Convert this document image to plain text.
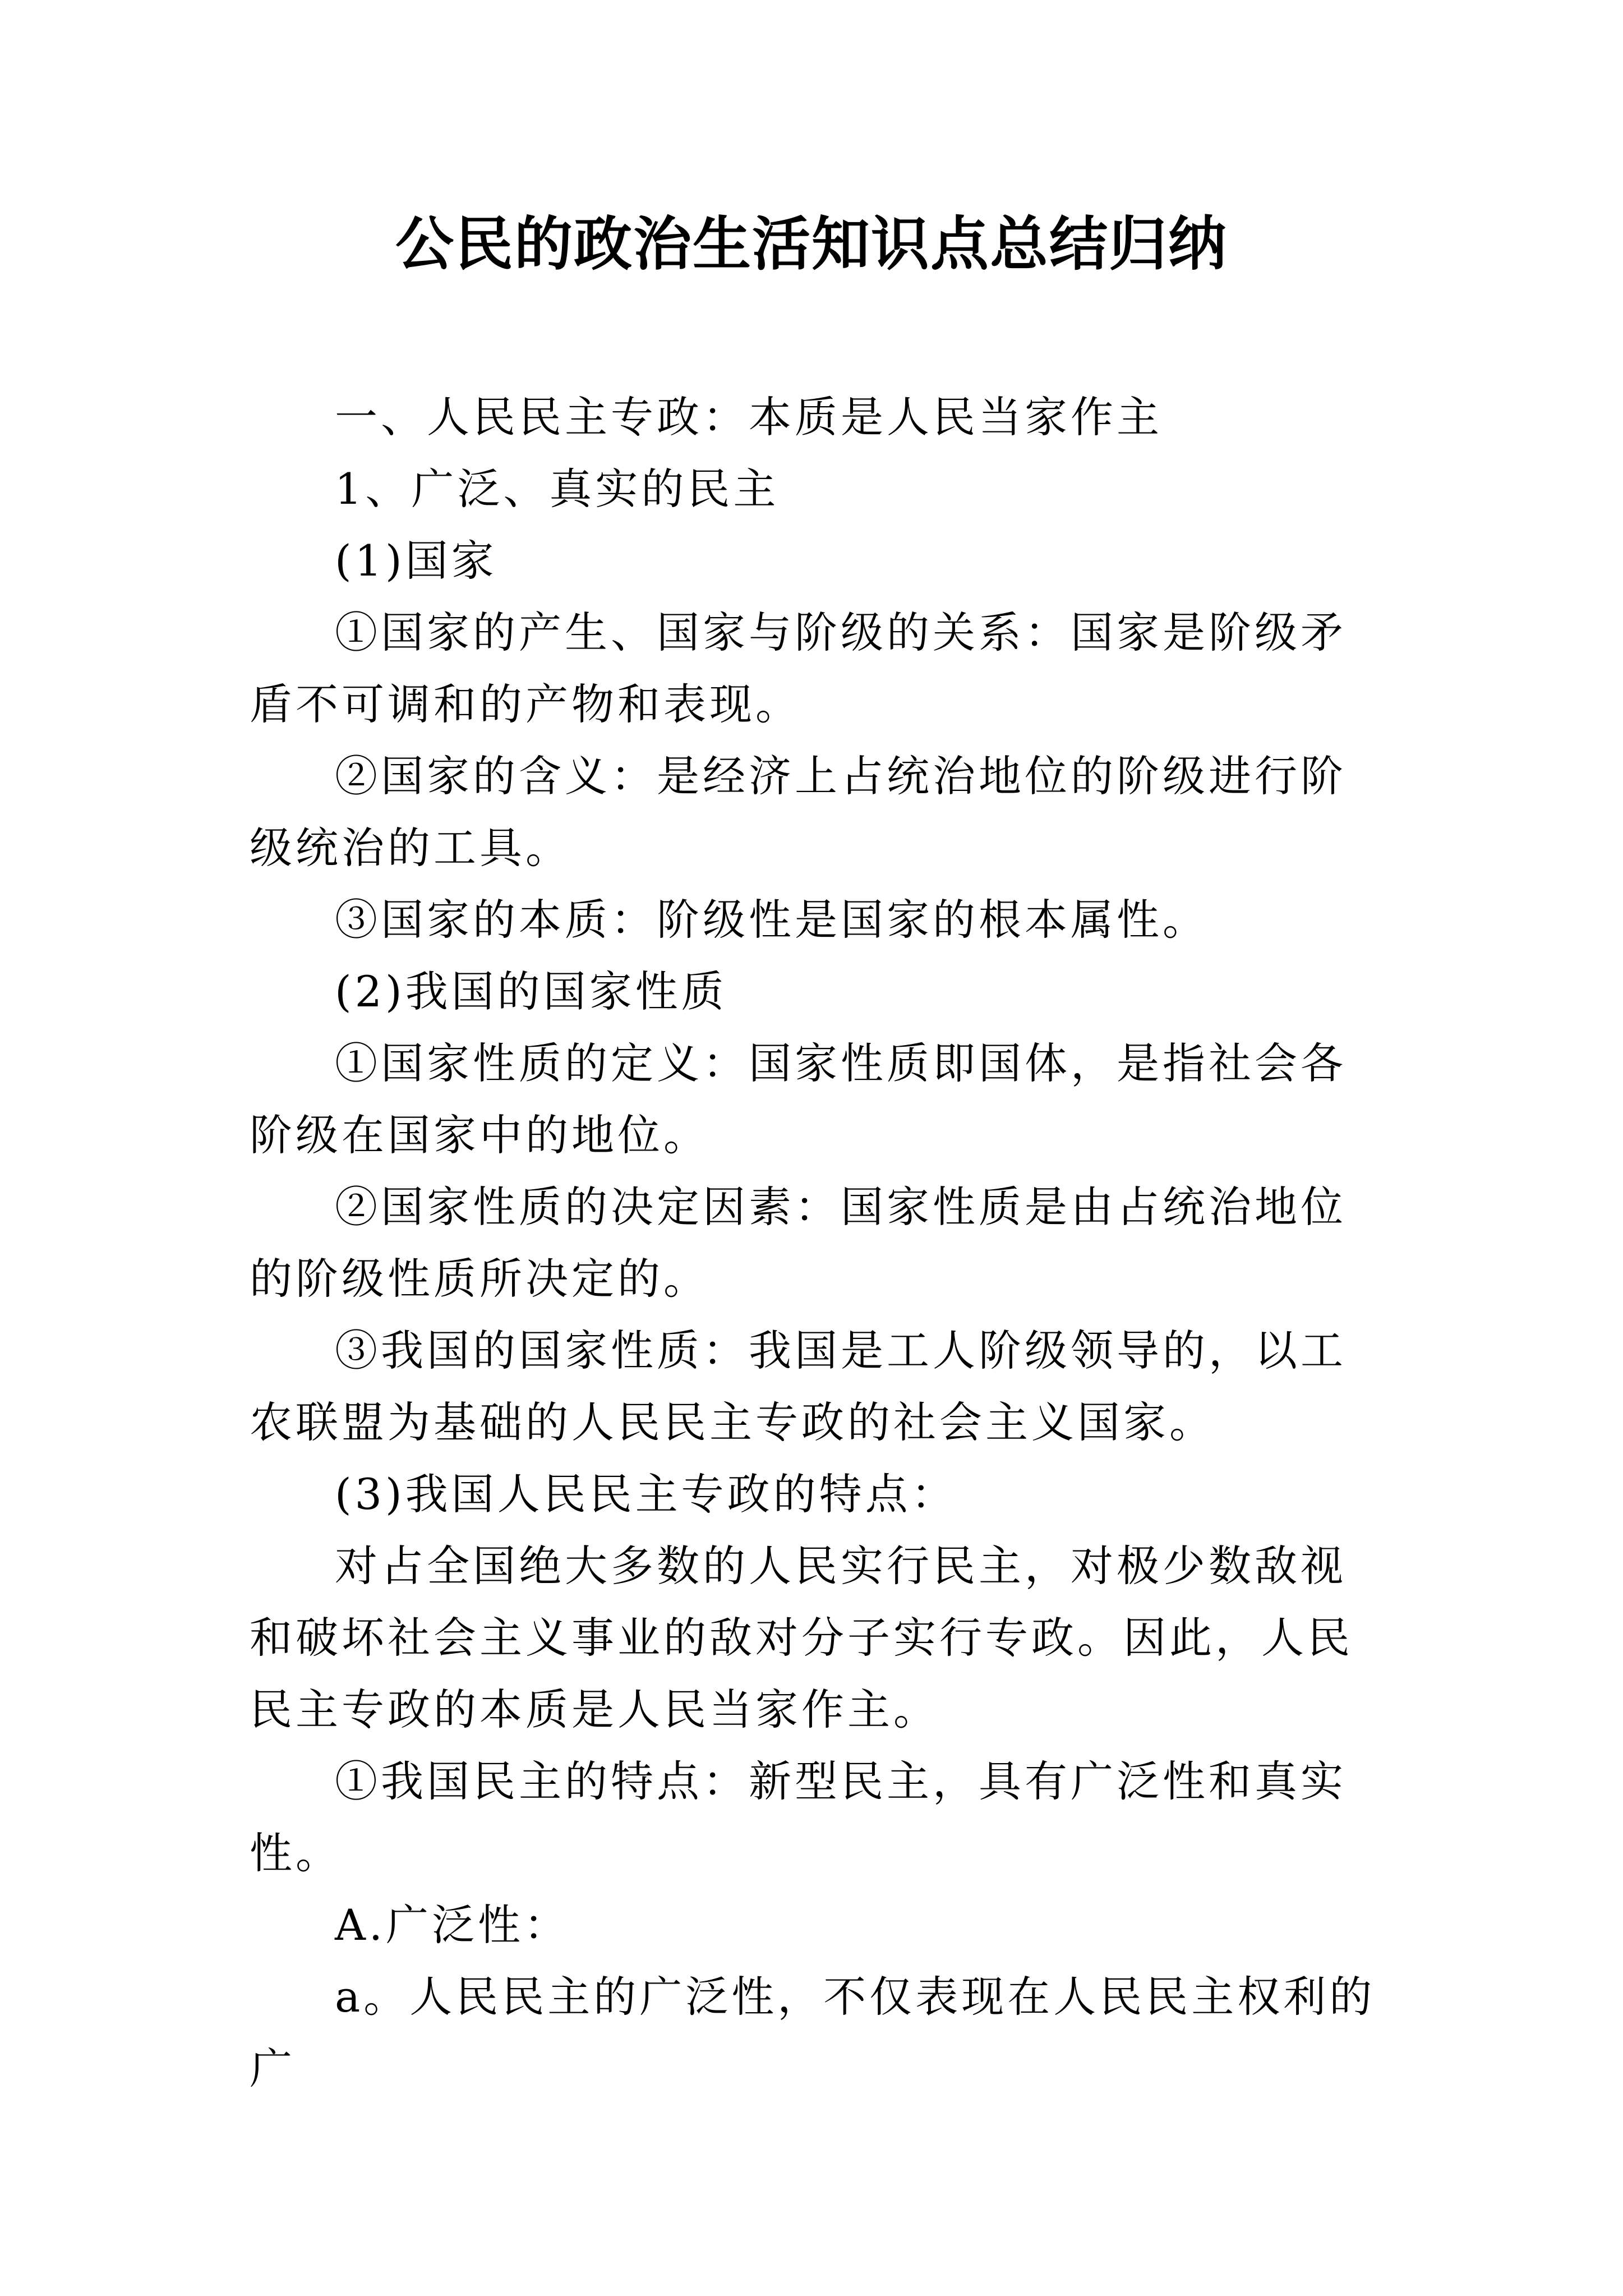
公民的政治生活知识点总结归纳

一、人民民主专政：本质是人民当家作主

1、广泛、真实的民主

(1)国家

①国家的产生、国家与阶级的关系：国家是阶级矛盾不可调和的产物和表现。

②国家的含义：是经济上占统治地位的阶级进行阶级统治的工具。

③国家的本质：阶级性是国家的根本属性。

(2)我国的国家性质

①国家性质的定义：国家性质即国体，是指社会各阶级在国家中的地位。

②国家性质的决定因素：国家性质是由占统治地位的阶级性质所决定的。

③我国的国家性质：我国是工人阶级领导的，以工农联盟为基础的人民民主专政的社会主义国家。

(3)我国人民民主专政的特点：

对占全国绝大多数的人民实行民主，对极少数敌视和破坏社会主义事业的敌对分子实行专政。因此，人民民主专政的本质是人民当家作主。

①我国民主的特点：新型民主，具有广泛性和真实性。

A.广泛性：

a。人民民主的广泛性，不仅表现在人民民主权利的广
